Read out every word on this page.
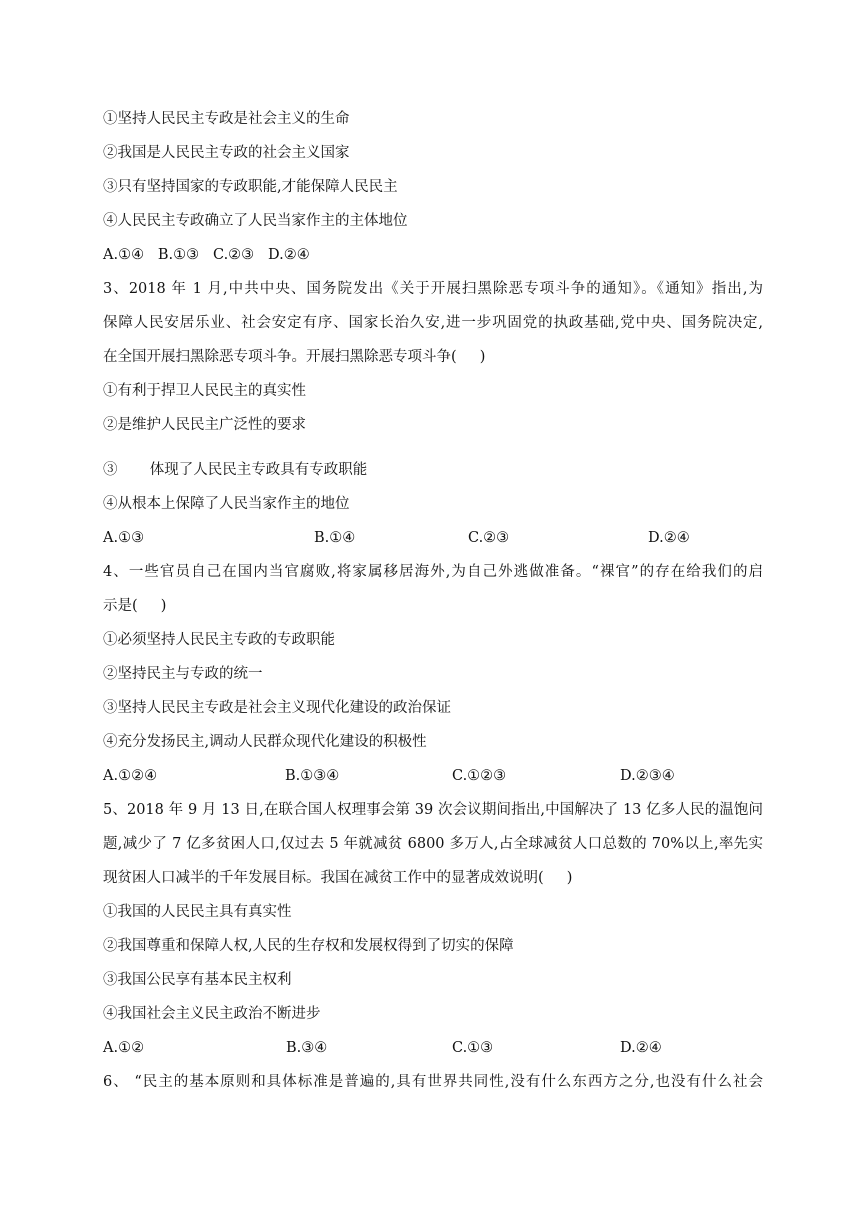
①坚持人民民主专政是社会主义的生命
②我国是人民民主专政的社会主义国家
③只有坚持国家的专政职能,才能保障人民民主
④人民民主专政确立了人民当家作主的主体地位
A.①④   B.①③   C.②③   D.②④
3、2018 年 1 月,中共中央、国务院发出《关于开展扫黑除恶专项斗争的通知》。《通知》指出,为
保障人民安居乐业、社会安定有序、国家长治久安,进一步巩固党的执政基础,党中央、国务院决定,
在全国开展扫黑除恶专项斗争。开展扫黑除恶专项斗争(     )
①有利于捍卫人民民主的真实性
②是维护人民民主广泛性的要求
③       体现了人民民主专政具有专政职能
④从根本上保障了人民当家作主的地位
A.①③	B.①④	C.②③	D.②④
4、一些官员自己在国内当官腐败,将家属移居海外,为自己外逃做准备。“裸官”的存在给我们的启
示是(     )
①必须坚持人民民主专政的专政职能
②坚持民主与专政的统一
③坚持人民民主专政是社会主义现代化建设的政治保证
④充分发扬民主,调动人民群众现代化建设的积极性
A.①②④	B.①③④	C.①②③	D.②③④
5、2018 年 9 月 13 日,在联合国人权理事会第 39 次会议期间指出,中国解决了 13 亿多人民的温饱问
题,减少了 7 亿多贫困人口,仅过去 5 年就减贫 6800 多万人,占全球减贫人口总数的 70%以上,率先实
现贫困人口减半的千年发展目标。我国在减贫工作中的显著成效说明(     )
①我国的人民民主具有真实性
②我国尊重和保障人权,人民的生存权和发展权得到了切实的保障
③我国公民享有基本民主权利
④我国社会主义民主政治不断进步
A.①②	B.③④	C.①③	D.②④
6、 “民主的基本原则和具体标准是普遍的,具有世界共同性,没有什么东西方之分,也没有什么社会
